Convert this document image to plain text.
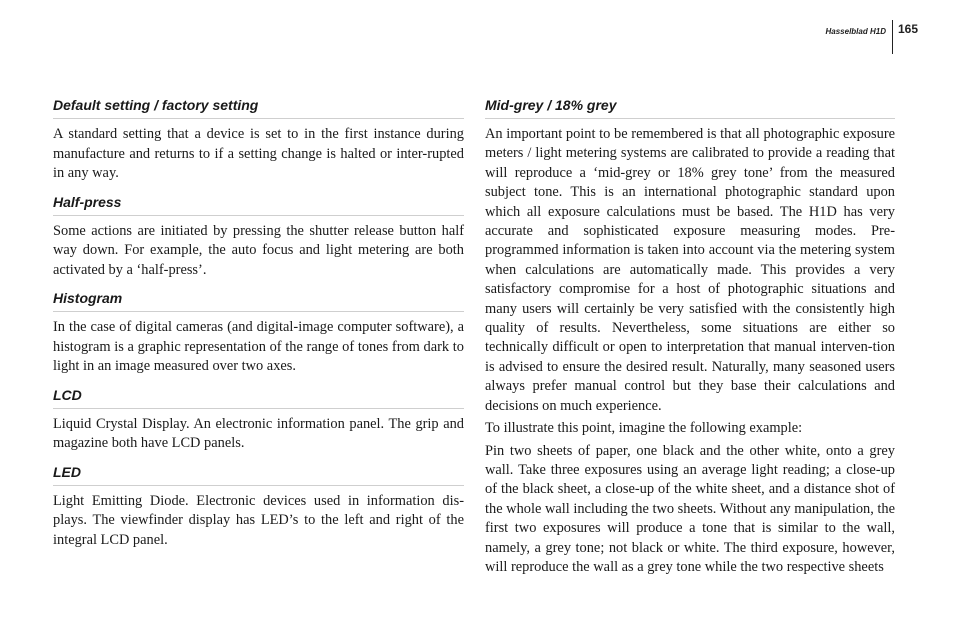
Hasselblad H1D	165
Default setting / factory setting

A standard setting that a device is set to in the first instance during manufacture and returns to if a setting change is halted or inter-rupted in any way.

Half-press

Some actions are initiated by pressing the shutter release button half way down. For example, the auto focus and light metering are both activated by a ‘half-press’.

Histogram

In the case of digital cameras (and digital-image computer software), a histogram is a graphic representation of the range of tones from dark to light in an image measured over two axes.

LCD

Liquid Crystal Display. An electronic information panel. The grip and magazine both have LCD panels.

LED

Light Emitting Diode. Electronic devices used in information dis-plays. The viewfinder display has LED’s to the left and right of the integral LCD panel.

Mid-grey / 18% grey

An important point to be remembered is that all photographic exposure meters / light metering systems are calibrated to provide a reading that will reproduce a ‘mid-grey or 18% grey tone’ from the measured subject tone. This is an international photographic standard upon which all exposure calculations must be based. The H1D has very accurate and sophisticated exposure measuring modes. Pre-programmed information is taken into account via the metering system when calculations are automatically made. This provides a very satisfactory compromise for a host of photographic situations and many users will certainly be very satisfied with the consistently high quality of results. Nevertheless, some situations are either so technically difficult or open to interpretation that manual interven-tion is advised to ensure the desired result. Naturally, many seasoned users always prefer manual control but they base their calculations and decisions on much experience.

To illustrate this point, imagine the following example:

Pin two sheets of paper, one black and the other white, onto a grey wall. Take three exposures using an average light reading; a close-up of the black sheet, a close-up of the white sheet, and a distance shot of the whole wall including the two sheets. Without any manipulation, the first two exposures will produce a tone that is similar to the wall, namely, a grey tone; not black or white. The third exposure, however, will reproduce the wall as a grey tone while the two respective sheets
